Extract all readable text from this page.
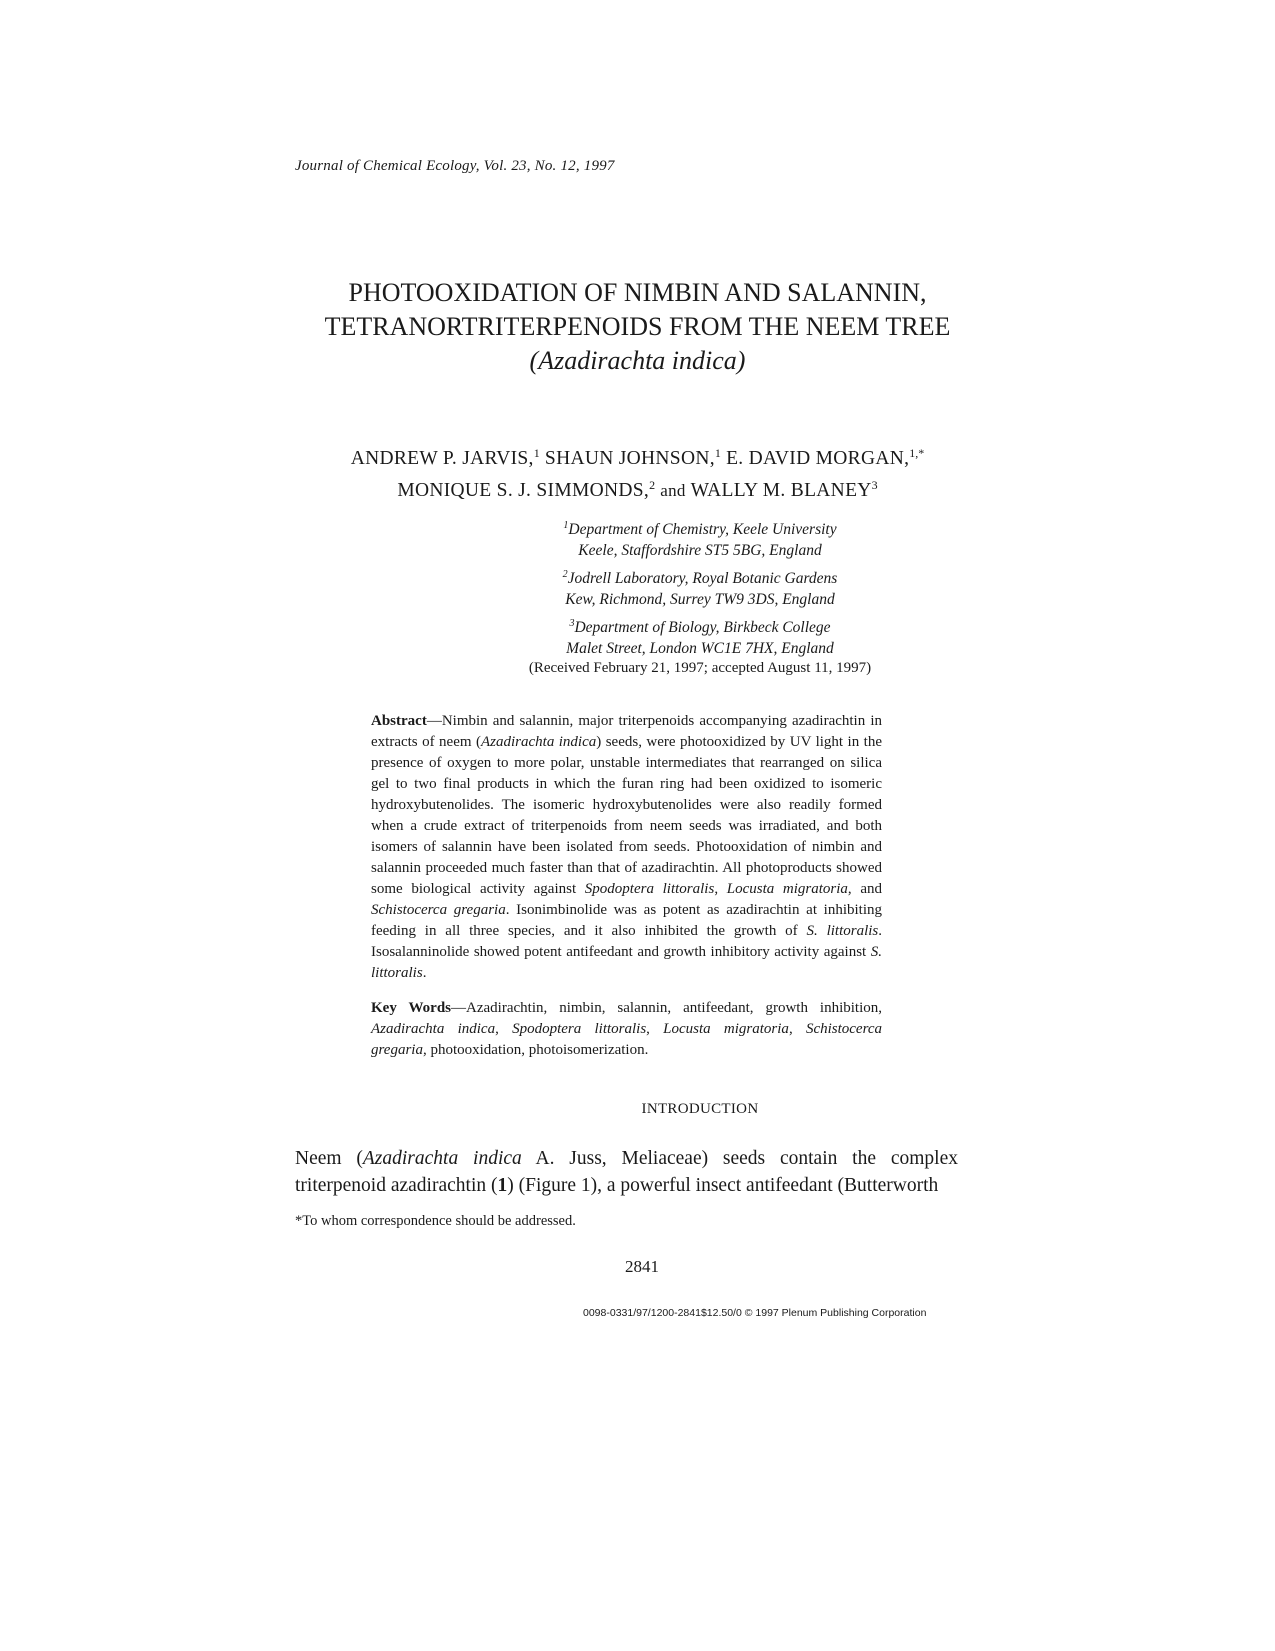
Journal of Chemical Ecology, Vol. 23, No. 12, 1997
PHOTOOXIDATION OF NIMBIN AND SALANNIN,
TETRANORTRITERPENOIDS FROM THE NEEM TREE
(Azadirachta indica)
ANDREW P. JARVIS,$^1$ SHAUN JOHNSON,$^1$ E. DAVID MORGAN,$^{1,*}$
MONIQUE S. J. SIMMONDS,$^2$ and WALLY M. BLANEY$^3$
$^1$Department of Chemistry, Keele University
Keele, Staffordshire ST5 5BG, England
$^2$Jodrell Laboratory, Royal Botanic Gardens
Kew, Richmond, Surrey TW9 3DS, England
$^3$Department of Biology, Birkbeck College
Malet Street, London WC1E 7HX, England
(Received February 21, 1997; accepted August 11, 1997)
Abstract—Nimbin and salannin, major triterpenoids accompanying azadirachtin in extracts of neem (Azadirachta indica) seeds, were photooxidized by UV light in the presence of oxygen to more polar, unstable intermediates that rearranged on silica gel to two final products in which the furan ring had been oxidized to isomeric hydroxybutenolides. The isomeric hydroxybutenolides were also readily formed when a crude extract of triterpenoids from neem seeds was irradiated, and both isomers of salannin have been isolated from seeds. Photooxidation of nimbin and salannin proceeded much faster than that of azadirachtin. All photoproducts showed some biological activity against Spodoptera littoralis, Locusta migratoria, and Schistocerca gregaria. Isonimbinolide was as potent as azadirachtin at inhibiting feeding in all three species, and it also inhibited the growth of S. littoralis. Isosalanninolide showed potent antifeedant and growth inhibitory activity against S. littoralis.
Key Words—Azadirachtin, nimbin, salannin, antifeedant, growth inhibition, Azadirachta indica, Spodoptera littoralis, Locusta migratoria, Schistocerca gregaria, photooxidation, photoisomerization.
INTRODUCTION
Neem (Azadirachta indica A. Juss, Meliaceae) seeds contain the complex triterpenoid azadirachtin (1) (Figure 1), a powerful insect antifeedant (Butterworth
*To whom correspondence should be addressed.
2841
0098-0331/97/1200-2841$12.50/0 © 1997 Plenum Publishing Corporation
